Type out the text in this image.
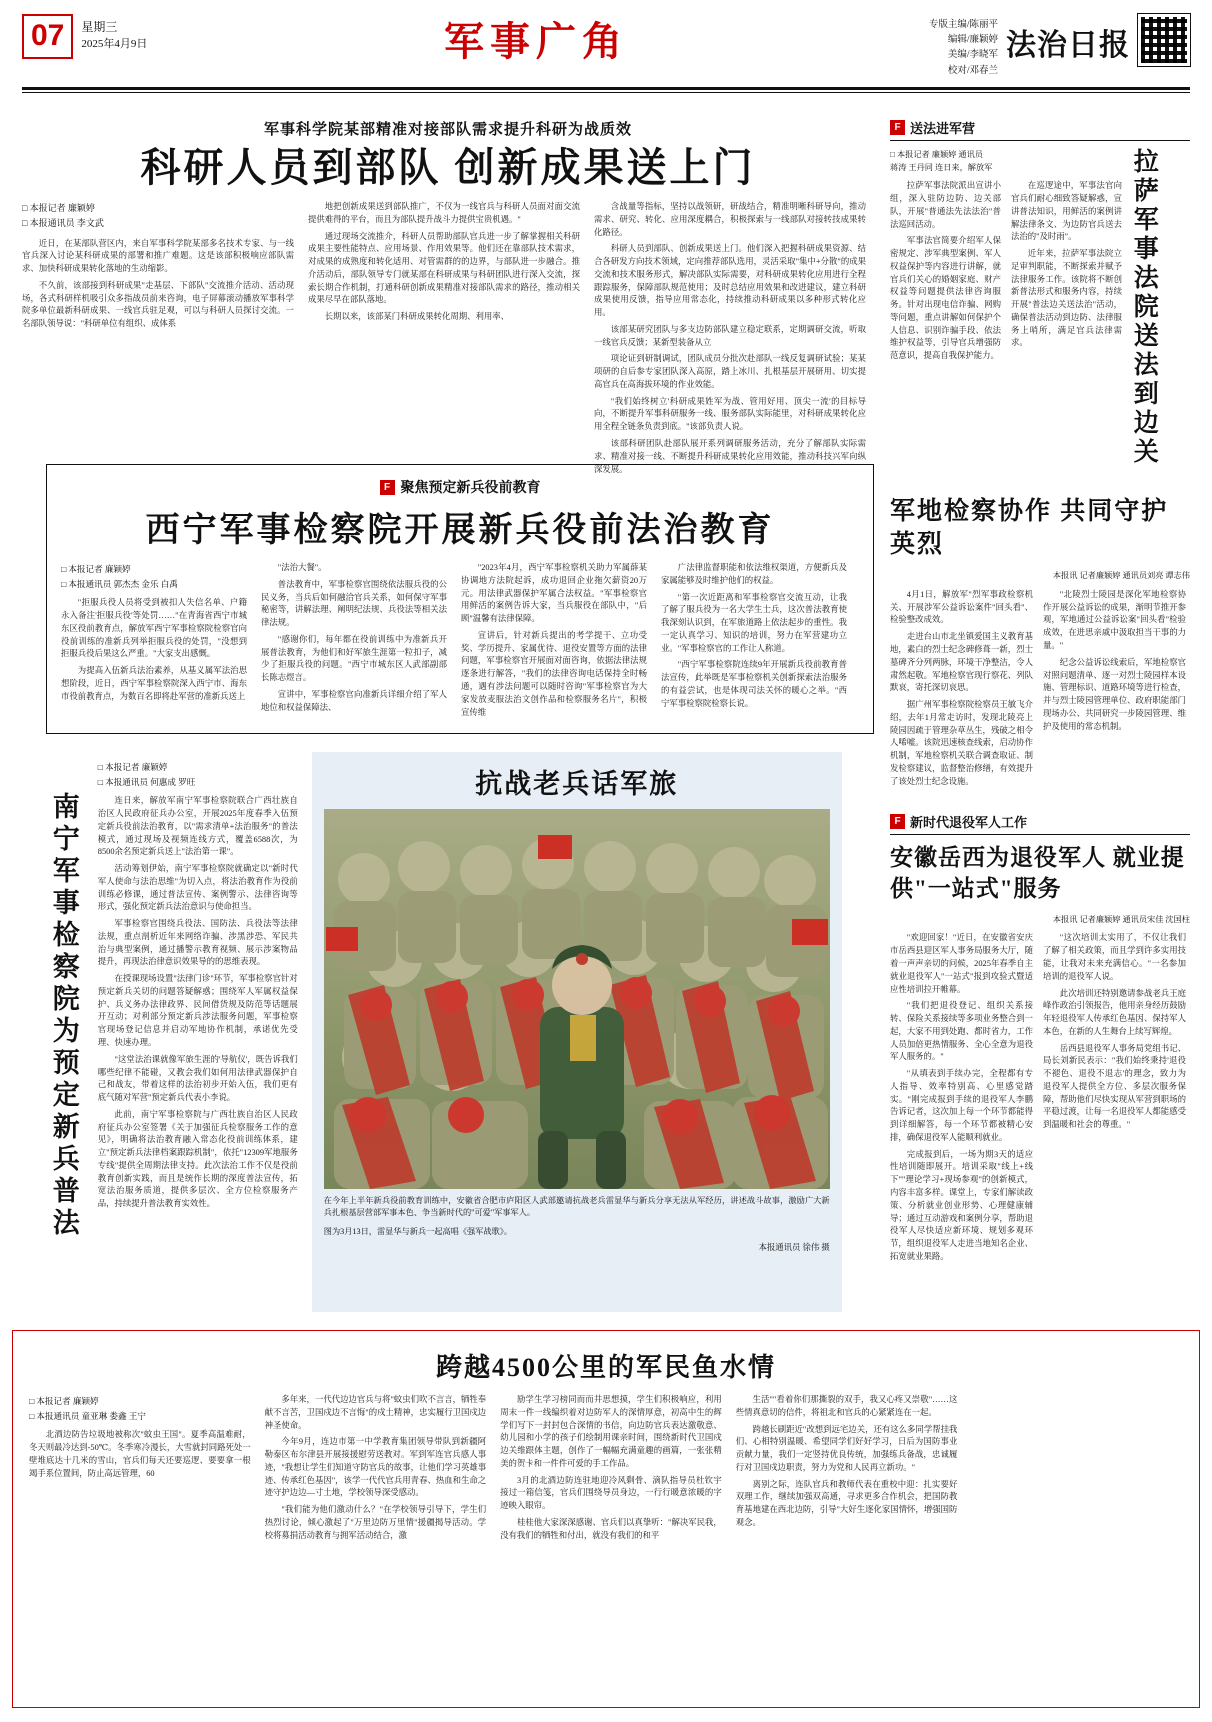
07	星期三
2025年4月9日	军事广角	专版主编/陈丽平
编辑/廉颖婷
美编/李晓军
校对/邓春兰
法治日报
军事科学院某部精准对接部队需求提升科研为战质效
科研人员到部队 创新成果送上门
□ 本报记者 廉颖婷
□ 本报通讯员 李文武

近日，在某部队营区内，来自军事科学院某部多名技术专家、与一线官兵深入讨论某科研成果的部署和推广难题。这是该部积极响应部队需求、加快科研成果转化落地的生动缩影。

不久前，该部接到科研成果"走基层、下部队"交流推介活动、活动现场，各式科研样机吸引众多指战员前来咨询，电子屏幕滚动播放军事科学院多单位最新科研成果、一线官兵驻足观，可以与科研人员探讨交流。一名部队领导说："科研单位有组织、成体系

地把创新成果送到部队推广，不仅为一线官兵与科研人员面对面交流提供难得的平台，而且为部队提升战斗力提供宝贵机遇。"

通过现场交流推介，科研人员帮助部队官兵进一步了解掌握相关科研成果主要性能特点、应用场景、作用效果等。他们还在靠部队技术需求，对成果的成熟度和转化适用、对管需群的的边界，与部队进一步融合。推介活动后，部队领导专门就某部在科研成果与科研团队进行深入交流，探索长期合作机制，打通科研创新成果精准对接部队需求的路径，推动相关成果尽早在部队落地。

长期以来，该部某门科研成果转化周期、利用率、

含战量等指标，坚持以战领研，研战结合，精准明晰科研导向，推动需求、研究、转化、应用深度耦合，积极探索与一线部队对接转技成果转化路径。

科研人员到部队、创新成果送上门。他们深入把握科研成果资源、结合各研发方向技术领域，定向推荐部队选用，灵活采取"集中+分散"的成果交流和技术服务形式，解决部队实际需要，对科研成果转化应用进行全程跟踪服务，保障部队规范使用；及时总结应用效果和改进建议，建立科研成果使用反馈，指导应用常态化，持续推动科研成果以多种形式转化应用。

该部某研究团队与多支边防部队建立稳定联系，定期调研交流，听取一线官兵反馈；某新型装备从立

项论证到研制调试，团队成员分批次赴部队一线反复调研试验；某某项研的自后参专家团队深入高原，踏上冰川、扎根基层开展研用、切实提高官兵在高海拔环境的作业效能。

"我们始终树立'科研成果姓军为战、管用好用、顶尖一流'的目标导向，不断提升军事科研服务一线、服务部队实际能里，对科研成果转化应用全程全链条负责到底。"该部负责人说。

该部科研团队赴部队展开系列调研服务活动，充分了解部队实际需求、精准对接一线、不断提升科研成果转化应用效能，推动科技兴军向纵深发展。

F 送法进军营
□ 本报记者 廉颖婷 通讯员
蒋涛 王丹同 连日来，解放军

拉萨军事法院派出宣讲小组，深入驻防边防、边关部队，开展"普通法先法法治"普法巡回活动。

军事法官简要介绍军人保密规定、涉军典型案例、军人权益保护等内容进行讲解，就官兵们关心的婚姻家庭、财产权益等问题提供法律咨询服务。针对出现电信诈骗、网购等问题，重点讲解如何保护个人信息、识别诈骗手段、依法维护权益等，引导官兵增强防范意识，提高自我保护能力。

在巡逻途中，军事法官向官兵们耐心细致答疑解惑，宣讲普法知识，用鲜活的案例讲解法律条文、为边防官兵送去法治的"及时雨"。

近年来，拉萨军事法院立足审判职能，不断探索并赋予法律服务工作。该院将不断创新普法形式和服务内容，持续开展"普法边关送法治"活动，确保普法活动到边防、法律服务上哨所，满足官兵法律需求。	拉萨军事法院送法到边关
军地检察协作 共同守护英烈
本报讯 记者廉颖婷 通讯员刘亮 谭志伟

4月1日，解放军"烈军事政检察机关、开展涉军公益诉讼案件"回头看"、检验整改成效。

走进台山市北坐镇爱国主义教育基地，素白的烈士纪念碑修葺一新，烈士墓碑齐分列两脉，环境干净整洁，令人肃然起敬。军地检察官现行察花、列队默哀，寄托深切哀思。

据广州军事检察院检察员王敏飞介绍，去年1月常走访时，发现北陵亮上陵园因疏于管理杂草丛生，残破之相令人唏嘘。该院迅速核查线索，启动协作机制，军地检察机关联合调查取证、制发检察建议，监督整治修缮，有效提升了该处烈士纪念设施。

"北陵烈士陵园是深化军地检察协作开展公益诉讼的成果，渐明节推开参观，军地通过公益诉讼案"回头看"检验成效，在进思亲戚中汲取担当干事的力量。"

纪念公益诉讼线索后，军地检察官对照问题清单、逐一对烈士陵园样本设施、管理标识、道路环境等进行检查，并与烈士陵园管理单位、政府职能部门现场办公、共同研究一步陵园管理、维护及使用的常态机制。

F 新时代退役军人工作
安徽岳西为退役军人 就业提供"一站式"服务
本报讯 记者廉颖婷 通讯员宋佳 沈国柱

"欢迎回家！"近日，在安徽省安庆市岳西县迎区军人事务局服务大厅，随着一声声亲切的问候，2025年春季自主就业退役军人"一站式"报到攻验式暨适应性培训拉开帷幕。

"我们把退役登记、组织关系接转、保险关系接续等多项业务整合到一起，大家不用到处跑、都时省力，工作人员加倍更热情服务、全心全意为退役军人服务的。"

"从填表到手续办完，全程都有专人指导、效率特别高、心里感觉踏实。"刚完成报到手续的退役军人李鹏告诉记者，这次加上每一个环节都能得到详细解答，每一个环节都被精心安排，确保退役军人能顺利就业。

完成报到后，一场为期3天的适应性培训随即展开。培训采取"线上+线下""理论学习+现场参观"的创新模式，内容丰富多样。课堂上，专家们解读政策、分析就业创业形势、心理健康辅导；通过互动游戏和案例分享，帮助退役军人尽快适应新环境、规划多观环节，组织退役军人走进当地知名企业、拓宽就业果路。

"这次培训太实用了，不仅让我们了解了相关政策，而且学到许多实用技能，让我对未来充满信心。"一名参加培训的退役军人说。

此次培训还特别邀请参战老兵王庭峰作政治引领报告，他用亲身经历鼓励年轻退役军人传承红色基因、保持军人本色，在新的人生舞台上续写辉煌。

岳西县退役军人事务局党组书记、局长刘新民表示："我们始终秉持'退役不褪色、退役不退志'的理念，致力为退役军人提供全方位、多层次服务保障，帮助他们尽快实现从军营到职场的平稳过渡，让每一名退役军人都能感受到温暖和社会的尊重。"

F 聚焦预定新兵役前教育
西宁军事检察院开展新兵役前法治教育
□ 本报记者 廉颖婷
□ 本报通讯员 郭杰杰 金乐 白禹

"拒服兵役人员将受到被扣人失信名单、户籍永入备注'拒服兵役'等处罚……"在青海省西宁市城东区役前教育点，解放军西宁军事检察院检察官向役前训练的准新兵列举拒服兵役的处罚，"没想到拒服兵役后果这么严重。"大家支出感慨。

为提高入伍新兵法治素养，从基义属军法治思想阶段，近日，西宁军事检察院深入西宁市、海东市役前教育点，为数百名即将赴军营的准新兵送上

"法治大餐"。

普法教育中，军事检察官围绕依法服兵役的公民义务，当兵后如何融洽官兵关系，如何保守军事秘密等，讲解法理、阐明纪法规、兵役法等相关法律法规。

"感谢你们，每年都在役前训练中为准新兵开展普法教育，为他们和好军旅生涯第一粒扣子，减少了拒服兵役的问题。"西宁市城东区人武部副部长陈志煜言。

宣讲中，军事检察官向准新兵详细介绍了军人地位和权益保障法、

"2023年4月，西宁军事检察机关助力军属薛某协调地方法院起诉，成功退回企业拖欠薪资20万元。用法律武器保护军属合法权益。"军事检察官用鲜活的案例告诉大家，当兵服役在部队中，"后顾"温馨有法律保障。

宣讲后，针对新兵提出的考学提干、立功受奖、学历提升、家属优待、退役安置等方面的法律问题，军事检察官开展面对面咨询，依据法律法规逐条进行解答，"我们的法律咨询电话保持全时畅通，遇有涉法问题可以随时咨询"军事检察官为大家发放麦服法治文创作品和检察服务名片"，积极宣传维

广法律监督职能和依法维权渠道，方便新兵及家属能够及时维护他们的权益。

"第一次近距离和军事检察官交流互动，让我了解了服兵役为一名大学生士兵，这次普法教育使我深刻认识到，在军旅道路上依法起步的重性。我一定认真学习、知识的培训，努力在军营建功立业。"军事检察官的工作让人称道。

"西宁军事检察院连续9年开展新兵役前教育普法宣传，此举既是军事检察机关创新探索法治服务的有益尝试，也是体现司法关怀的暖心之举。"西宁军事检察院检察长说。

南宁军事检察院为预定新兵普法
□ 本报记者 廉颖婷
□ 本报通讯员 何惠成 罗旺

连日来，解放军南宁军事检察院联合广西壮族自治区人民政府征兵办公室，开展2025年度春季入伍预定新兵役前法治教育，以"需求清单+法治服务"的普法模式，通过现场及视频连线方式，覆盖6588次，为8500余名预定新兵送上"法治第一课"。

活动筹划伊始，南宁军事检察院就确定以"新时代军人使命与法治思维"为切入点，将法治教育作为役前训练必修课，通过普法宣传、案例警示、法律咨询等形式，强化预定新兵法治意识与使命担当。

军事检察官围绕兵役法、国防法、兵役法等法律法规，重点剖析近年来网络诈骗、涉黑涉恐、军民共治与典型案例，通过播警示教育视频、展示涉案物品提升，再现法治律意识效果导的的思维表现。

在授课现场设置"法律门诊"环节，军事检察官针对预定新兵关切的问题答疑解惑；围绕军人军属权益保护、兵义务办法律政界、民间借货规及防范等话题展开互动；对利部分预定新兵涉法服务问题，军事检察官现场登记信息并启动军地协作机制，承诺优先受理、快速办理。

"这堂法治课就像军旅生涯的'导航仪'，既告诉我们哪些纪律不能碰，又教会我们如何用法律武器保护自己和战友，带着这样的法治初步开始入伍，我们更有底气随对军营"预定新兵代表小李说。

此前，南宁军事检察院与广西壮族自治区人民政府征兵办公室签署《关于加强征兵检察服务工作的意见》，明确将法治教育融入常态化役前训练体系，建立"预定新兵法律档案跟踪机制"，依托"12309军地服务专线"提供全周期法律支持。此次法治工作不仅是役前教育创新实践，而且是统作长期的深度普法宣传，拓宽法治服务质道，提供多层次、全方位检察服务产品，持续提升普法教育实效性。

抗战老兵话军旅
在今年上半年新兵役前教育训练中，安徽省合肥市庐阳区人武部邀请抗战老兵雷显华与新兵分享无法从军经历，讲述战斗故事，激励广大新兵扎根基层营部军事本色、争当新时代的"可爱"军事军人。
图为3月13日，雷显华与新兵一起高唱《强军战歌》。
本报通讯员 徐伟 摄
跨越4500公里的军民鱼水情
□ 本报记者 廉颖婷
□ 本报通讯员 童亚琳 娄鑫 王宁

北酒边防告垃圾地被称次"蚊虫王国"。夏季高温难耐，冬天则最冷达到-50℃。冬季寒冷漫长，大雪就封同路死处一壁堆底达十几米的雪山，官兵们每天还要巡逻、要要拿一根竭手系位置间，防止高远管理，60

多年来，一代代边边官兵与将"蚊虫们吹不言言，牺牲奉献不言苦，卫国戍边不言悔"的戍土精神，忠实履行卫国戍边神圣使命。

今年9月，连边市第一中学教育集团领导带队到新疆阿勒泰区布尔津县开展接援慰劳送教对。军到军连官兵感人事迹，"我想让学生们知道守防官兵的故事，让他们学习英雄事迹、传承红色基因"，该学一代代官兵用青春、热血和生命之迹守护边边—寸土地，学校领导深受感动。

"我们能为他们激动什么？"在学校领导引导下，学生们热烈讨论，倾心激起了"万里边防万里情"援疆揭导活动。学校将募捐活动教育与拥军活动结合，激

励学生学习榜同而而井思想摸，学生们积极响应，利用周末一件一线编织着对边防军人的深情厚意，初高中生的辉学们写下一封封包合深情的书信，向边防官兵表达激敬意、幼儿园和小学的孩子们绘制用课亲时间，围绕新时代卫国戍边关维跟体主题，创作了一幅幅充满童趣的画篇，一张张精美的贺卡和一件件可爱的手工作品。

3月的北酒边防连驻地迎冷风剩骨、滴队指导员杜钦宇接过一箱信笺，官兵们围绕导员身边，一行行暖意浓暖的字迹映入眼帘。

桂桂他大家深深感谢、官兵们以真挚听："解决军民我，没有我们的牺牲和付出，就没有我们的和平

生活""看着你们那撕裂的双手，我又心疼又崇敬"……这些情真意切的信件，将祖北和官兵的心紧紧连在一起。

跨越长刷距近"改想到远宅边关，还有这么多同学帮挂我们、心相特别温暖、希望同学们好好学习，日后为国防事业贡献力量，我们一定竖持优良传统，加强练兵备战，忠诚履行对卫国戍边职责，努力为党和人民再立新功。"

离别之际，连队官兵和教师代表在重校中迎：扎实要好双理工作，继续加强双高通，寻求更多合作机会，把国防教育基地建在西北边防，引导"大好生逐化家国情怀，增强国防观念。
